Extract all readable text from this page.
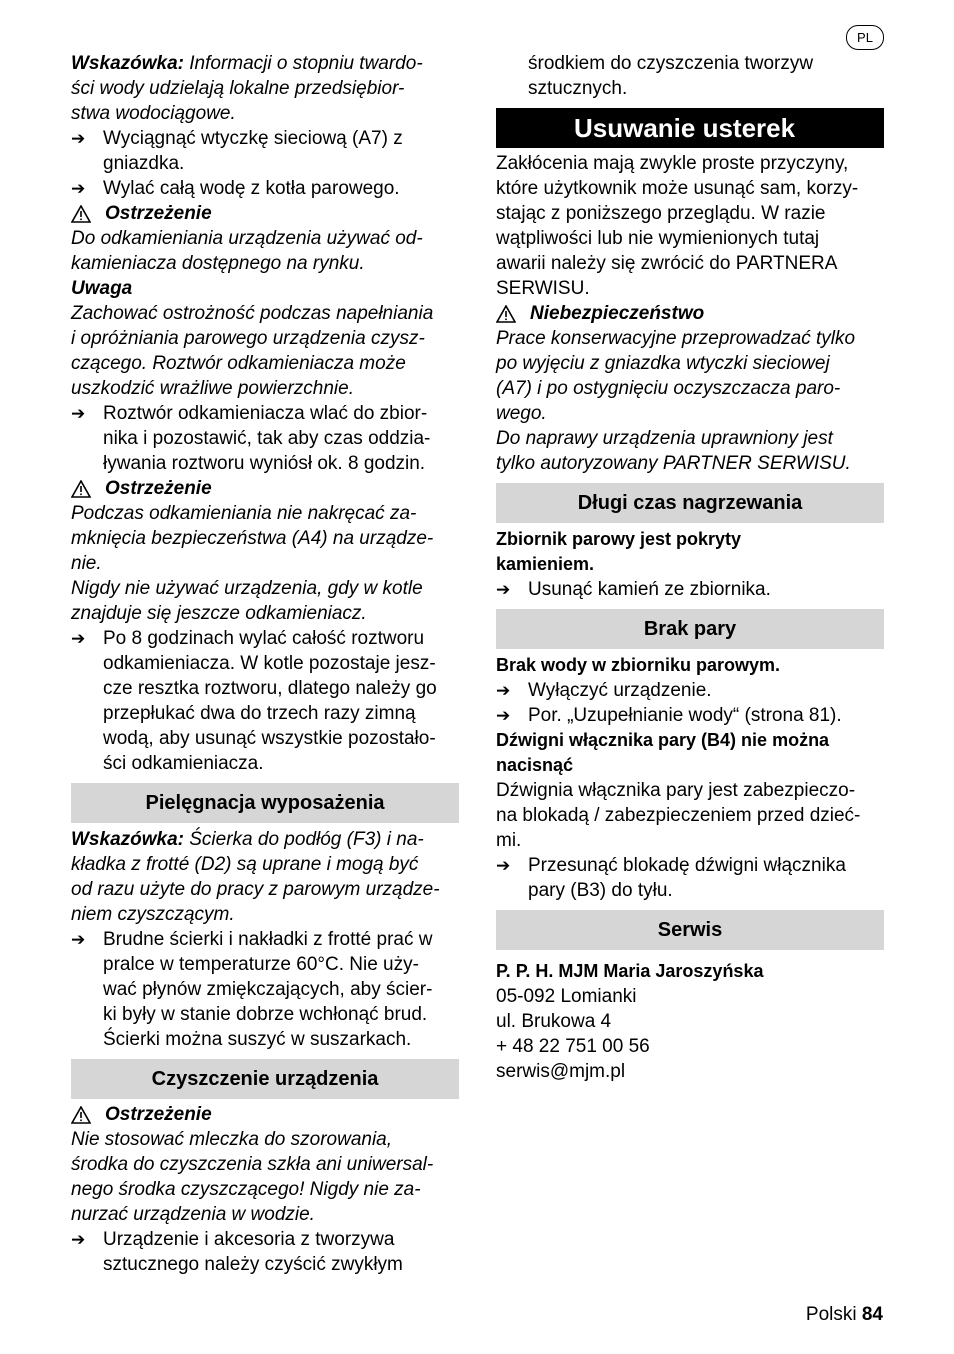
PL

Wskazówka: Informacji o stopniu twardo-
ści wody udzielają lokalne przedsiębior-
stwa wodociągowe.

➔ Wyciągnąć wtyczkę sieciową (A7) z
gniazdka.
➔ Wylać całą wodę z kotła parowego.
Ostrzeżenie

Do odkamieniania urządzenia używać od-
kamieniacza dostępnego na rynku.

Uwaga

Zachować ostrożność podczas napełniania
i opróżniania parowego urządzenia czysz-
czącego. Roztwór odkamieniacza może
uszkodzić wrażliwe powierzchnie.

➔ Roztwór odkamieniacza wlać do zbior-
nika i pozostawić, tak aby czas oddzia-
ływania roztworu wyniósł ok. 8 godzin.
Ostrzeżenie

Podczas odkamieniania nie nakręcać za-
mknięcia bezpieczeństwa (A4) na urządze-
nie.
Nigdy nie używać urządzenia, gdy w kotle
znajduje się jeszcze odkamieniacz.

➔ Po 8 godzinach wylać całość roztworu
odkamieniacza. W kotle pozostaje jesz-
cze resztka roztworu, dlatego należy go
przepłukać dwa do trzech razy zimną
wodą, aby usunąć wszystkie pozostało-
ści odkamieniacza.
Pielęgnacja wyposażenia

Wskazówka: Ścierka do podłóg (F3) i na-
kładka z frotté (D2) są uprane i mogą być
od razu użyte do pracy z parowym urządze-
niem czyszczącym.

➔ Brudne ścierki i nakładki z frotté prać w
pralce w temperaturze 60°C. Nie uży-
wać płynów zmiękczających, aby ścier-
ki były w stanie dobrze wchłonąć brud.
Ścierki można suszyć w suszarkach.
Czyszczenie urządzenia
Ostrzeżenie

Nie stosować mleczka do szorowania,
środka do czyszczenia szkła ani uniwersal-
nego środka czyszczącego! Nigdy nie za-
nurzać urządzenia w wodzie.

➔ Urządzenie i akcesoria z tworzywa
sztucznego należy czyścić zwykłym

środkiem do czyszczenia tworzyw
sztucznych.

Usuwanie usterek

Zakłócenia mają zwykle proste przyczyny,
które użytkownik może usunąć sam, korzy-
stając z poniższego przeglądu. W razie
wątpliwości lub nie wymienionych tutaj
awarii należy się zwrócić do PARTNERA
SERWISU.

Niebezpieczeństwo

Prace konserwacyjne przeprowadzać tylko
po wyjęciu z gniazdka wtyczki sieciowej
(A7) i po ostygnięciu oczyszczacza paro-
wego.
Do naprawy urządzenia uprawniony jest
tylko autoryzowany PARTNER SERWISU.

Długi czas nagrzewania

Zbiornik parowy jest pokryty
kamieniem.

➔ Usunąć kamień ze zbiornika.
Brak pary

Brak wody w zbiorniku parowym.

➔ Wyłączyć urządzenie.
➔ Por. „Uzupełnianie wody“ (strona 81).

Dźwigni włącznika pary (B4) nie można
nacisnąć

Dźwignia włącznika pary jest zabezpieczo-
na blokadą / zabezpieczeniem przed dzieć-
mi.

➔ Przesunąć blokadę dźwigni włącznika
pary (B3) do tyłu.
Serwis

P. P. H. MJM Maria Jaroszyńska

05-092 Lomianki
ul. Brukowa 4
+ 48 22 751 00 56
serwis@mjm.pl

Polski 84
